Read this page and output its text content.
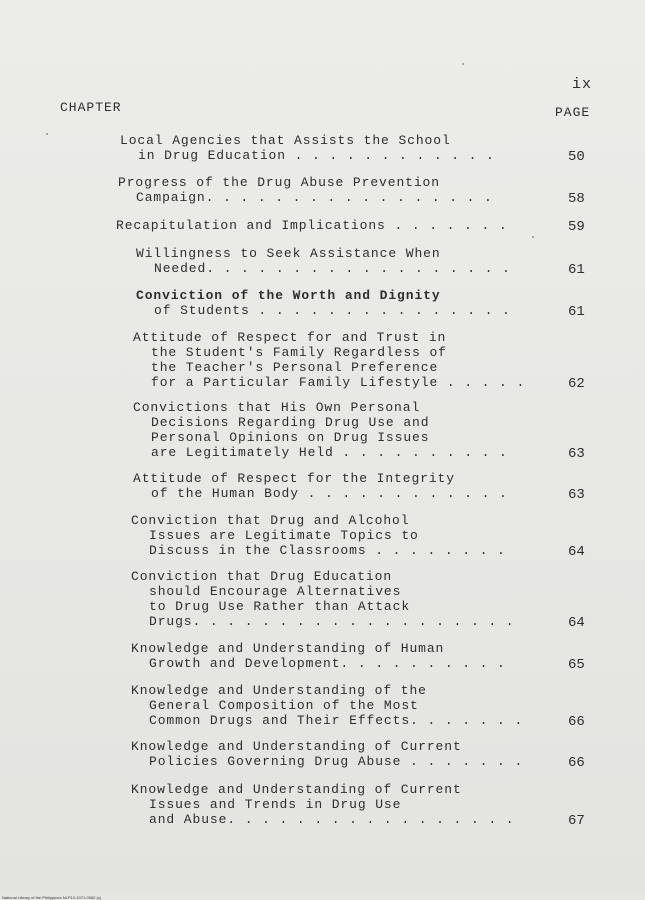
ix
CHAPTER	PAGE
Local Agencies that Assists the School
in Drug Education . . . . . . . . . . . .	50
Progress of the Drug Abuse Prevention
Campaign. . . . . . . . . . . . . . . . .	58
Recapitulation and Implications . . . . . . .	59
Willingness to Seek Assistance When
Needed. . . . . . . . . . . . . . . . . .	61
Conviction of the Worth and Dignity
of Students . . . . . . . . . . . . . . .	61
Attitude of Respect for and Trust in
the Student's Family Regardless of
the Teacher's Personal Preference
for a Particular Family Lifestyle . . . . .	62
Convictions that His Own Personal
Decisions Regarding Drug Use and
Personal Opinions on Drug Issues
are Legitimately Held . . . . . . . . . .	63
Attitude of Respect for the Integrity
of the Human Body . . . . . . . . . . . .	63
Conviction that Drug and Alcohol
Issues are Legitimate Topics to
Discuss in the Classrooms . . . . . . . .	64
Conviction that Drug Education
should Encourage Alternatives
to Drug Use Rather than Attack
Drugs. . . . . . . . . . . . . . . . . . .	64
Knowledge and Understanding of Human
Growth and Development. . . . . . . . . .	65
Knowledge and Understanding of the
General Composition of the Most
Common Drugs and Their Effects. . . . . . .	66
Knowledge and Understanding of Current
Policies Governing Drug Abuse . . . . . . .	66
Knowledge and Understanding of Current
Issues and Trends in Drug Use
and Abuse. . . . . . . . . . . . . . . . .	67
National Library of the Philippines NLP10-1971-0082 (c)
